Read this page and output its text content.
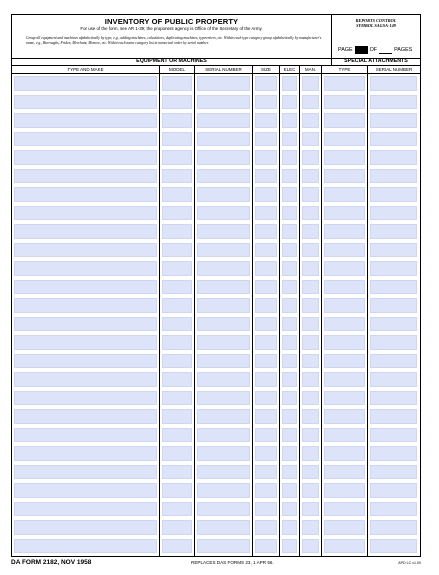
INVENTORY OF PUBLIC PROPERTY
For use of the form, see AR 1-39; the proponent agency is Office of the Secretary of the Army.
Group all equipment and machines alphabetically by type, e.g., adding machines, calculators, duplicating machines, typewriters, etc. Within each type category group alphabetically by manufacturer's name, e.g., Burroughs, Friden, Merchant, Monroe, etc. Within each name category list in numerical order by serial number.
REPORTS CONTROL
SYMBOL SAGSA-149
PAGE	OF	PAGES
EQUIPMENT OR MACHINES	SPECIAL ATTACHMENTS
TYPE AND MAKE	MODEL	SERIAL NUMBER	SIZE	ELEC	MAN.	TYPE	SERIAL NUMBER
DA FORM 2182, NOV 1958	REPLACES DAS FORMS 23, 1 APR 56.	APD LC v1.00
